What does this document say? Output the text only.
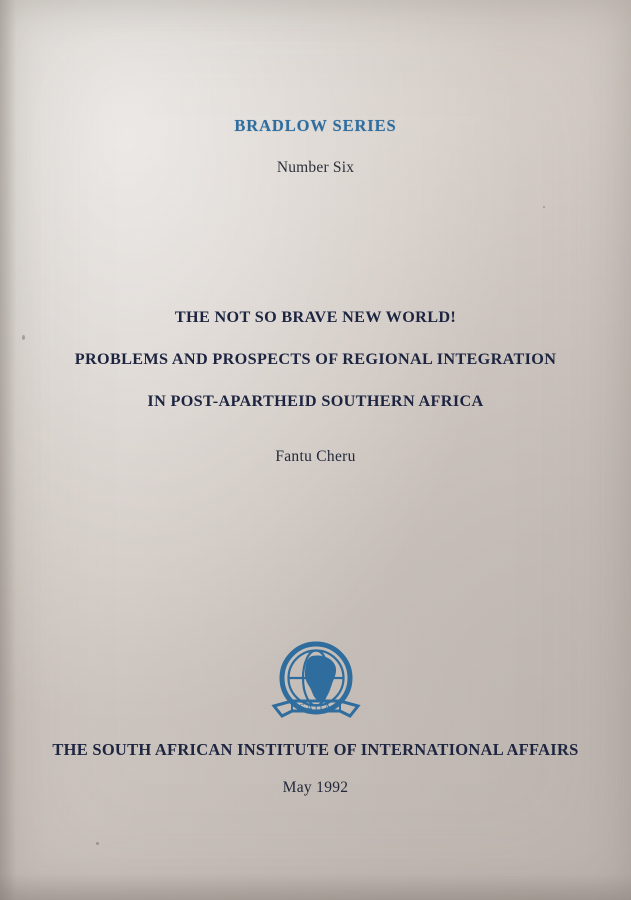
BRADLOW SERIES
Number Six
THE NOT SO BRAVE NEW WORLD!
PROBLEMS AND PROSPECTS OF REGIONAL INTEGRATION
IN POST-APARTHEID SOUTHERN AFRICA
Fantu Cheru
SAIIA
THE SOUTH AFRICAN INSTITUTE OF INTERNATIONAL AFFAIRS
May 1992
